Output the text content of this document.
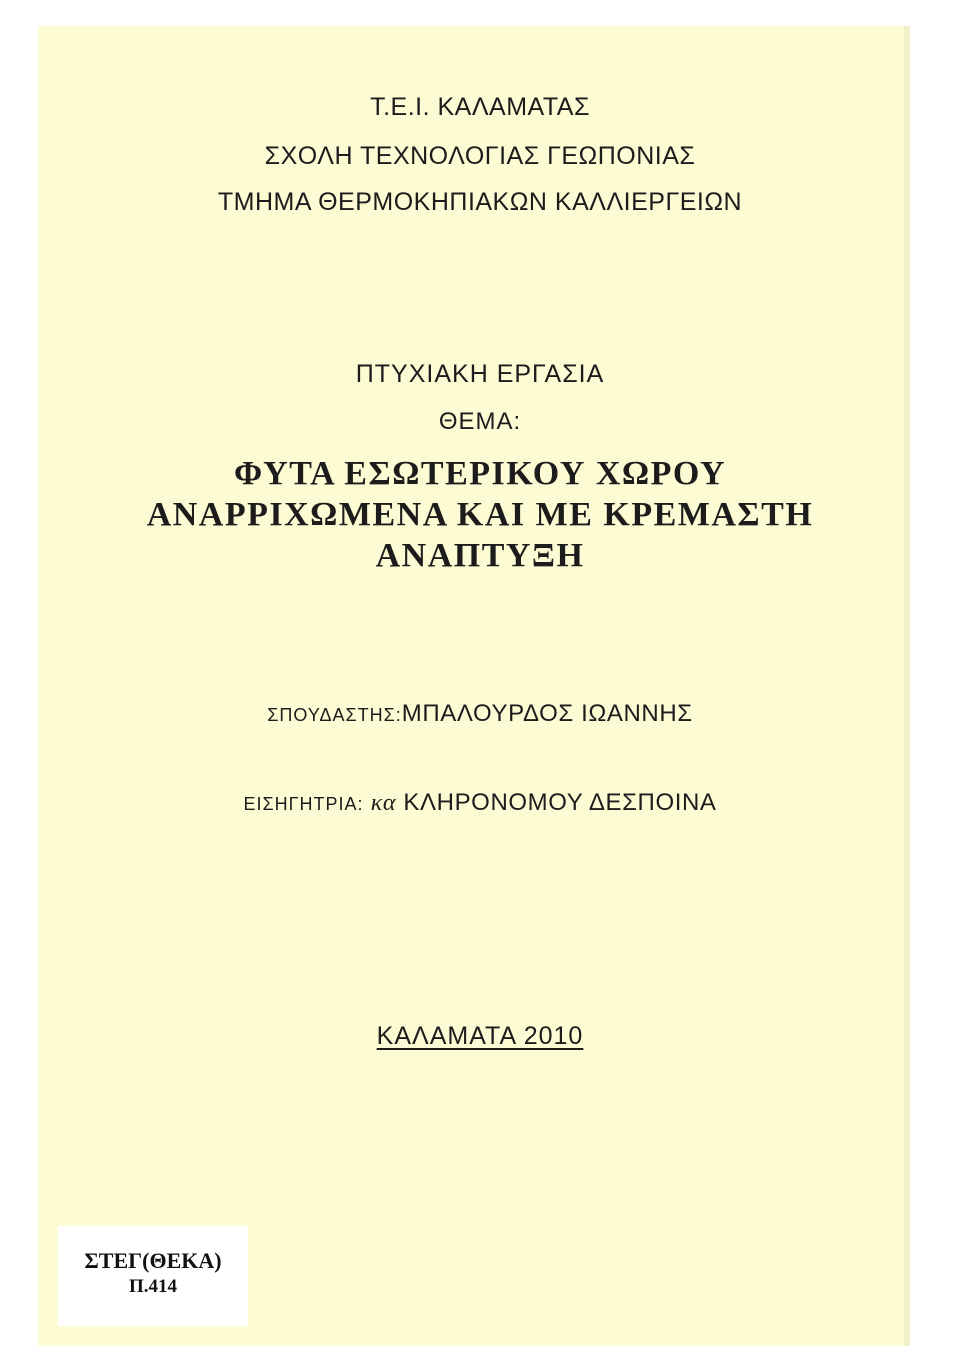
Τ.Ε.Ι. ΚΑΛΑΜΑΤΑΣ
ΣΧΟΛΗ ΤΕΧΝΟΛΟΓΙΑΣ ΓΕΩΠΟΝΙΑΣ
ΤΜΗΜΑ ΘΕΡΜΟΚΗΠΙΑΚΩΝ ΚΑΛΛΙΕΡΓΕΙΩΝ
ΠΤΥΧΙΑΚΗ ΕΡΓΑΣΙΑ
ΘΕΜΑ:
ΦΥΤΑ ΕΣΩΤΕΡΙΚΟΥ ΧΩΡΟΥ
ΑΝΑΡΡΙΧΩΜΕΝΑ ΚΑΙ ΜΕ ΚΡΕΜΑΣΤΗ
ΑΝΑΠΤΥΞΗ
ΣΠΟΥΔΑΣΤΗΣ:ΜΠΑΛΟΥΡΔΟΣ ΙΩΑΝΝΗΣ
ΕΙΣΗΓΗΤΡΙΑ: κα ΚΛΗΡΟΝΟΜΟΥ ΔΕΣΠΟΙΝΑ
ΚΑΛΑΜΑΤΑ 2010
ΣΤΕΓ(ΘΕΚΑ)
Π.414
